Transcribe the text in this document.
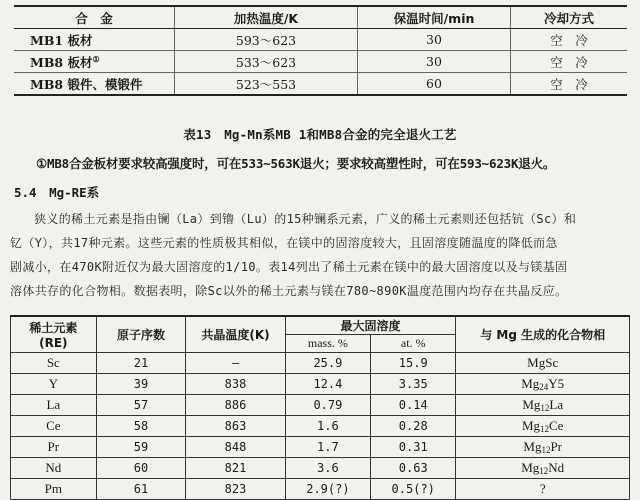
合　金	加热温度/K	保温时间/min	冷却方式
MB1 板材	593～623	30	空　冷
MB8 板材①	533～623	30	空　冷
MB8 锻件、模锻件	523～553	60	空　冷
表13　Mg-Mn系MB 1和MB8合金的完全退火工艺
①MB8合金板材要求较高强度时，可在533~563K退火；要求较高塑性时，可在593~623K退火。
5.4　Mg-RE系

狭义的稀土元素是指由镧（La）到镥（Lu）的15种镧系元素，广义的稀土元素则还包括钪（Sc）和

钇（Y），共17种元素。这些元素的性质极其相似，在镁中的固溶度较大，且固溶度随温度的降低而急

剧减小，在470K附近仅为最大固溶度的1/10。表14列出了稀土元素在镁中的最大固溶度以及与镁基固

溶体共存的化合物相。数据表明，除Sc以外的稀土元素与镁在780~890K温度范围内均存在共晶反应。

稀土元素
(RE)	原子序数	共晶温度(K)	最大固溶度		与 Mg 生成的化合物相
			mass. %	at. %	
Sc	21	—	25.9	15.9	MgSc
Y	39	838	12.4	3.35	$Mg_{24}Y5$
La	57	886	0.79	0.14	$Mg_{12}La$
Ce	58	863	1.6	0.28	$Mg_{12}Ce$
Pr	59	848	1.7	0.31	$Mg_{12}Pr$
Nd	60	821	3.6	0.63	$Mg_{12}Nd$
Pm	61	823	2.9(?)	0.5(?)	?
